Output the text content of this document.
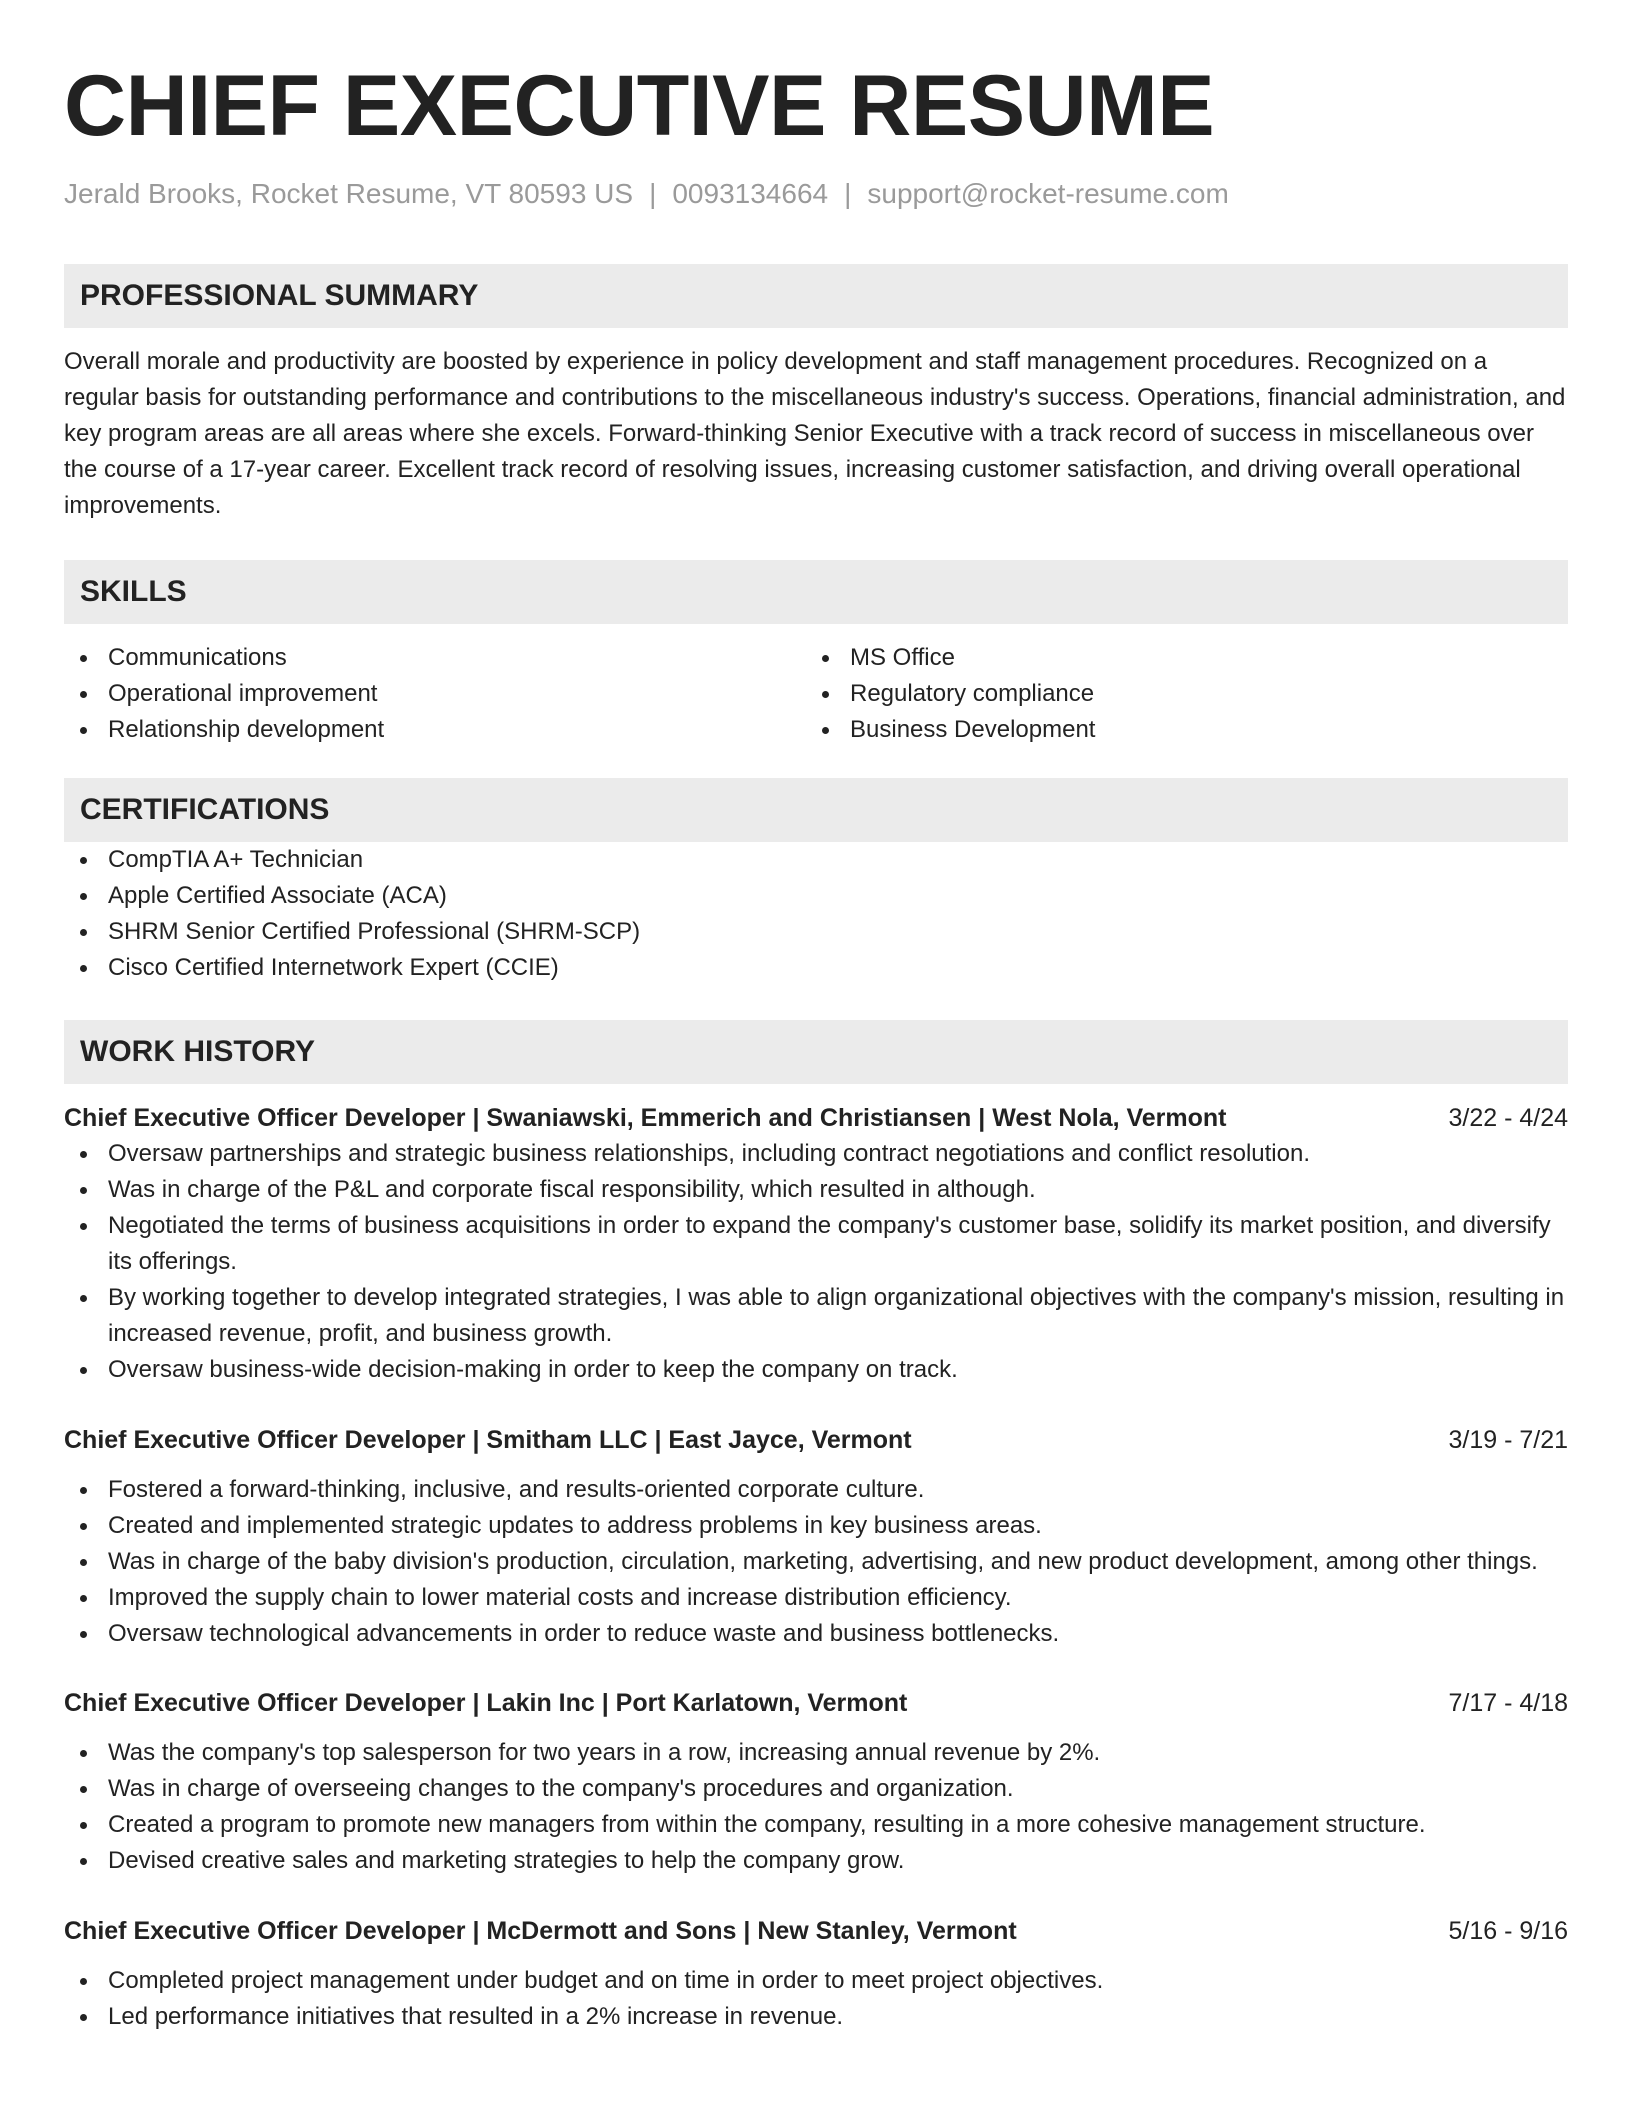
CHIEF EXECUTIVE RESUME
Jerald Brooks, Rocket Resume, VT 80593 US | 0093134664 | support@rocket-resume.com
PROFESSIONAL SUMMARY

Overall morale and productivity are boosted by experience in policy development and staff management procedures. Recognized on a regular basis for outstanding performance and contributions to the miscellaneous industry's success. Operations, financial administration, and key program areas are all areas where she excels. Forward-thinking Senior Executive with a track record of success in miscellaneous over the course of a 17-year career. Excellent track record of resolving issues, increasing customer satisfaction, and driving overall operational improvements.

SKILLS
Communications
Operational improvement
Relationship development
MS Office
Regulatory compliance
Business Development
CERTIFICATIONS
CompTIA A+ Technician
Apple Certified Associate (ACA)
SHRM Senior Certified Professional (SHRM-SCP)
Cisco Certified Internetwork Expert (CCIE)
WORK HISTORY
Chief Executive Officer Developer | Swaniawski, Emmerich and Christiansen | West Nola, Vermont	3/22 - 4/24
Oversaw partnerships and strategic business relationships, including contract negotiations and conflict resolution.
Was in charge of the P&L and corporate fiscal responsibility, which resulted in although.
Negotiated the terms of business acquisitions in order to expand the company's customer base, solidify its market position, and diversify its offerings.
By working together to develop integrated strategies, I was able to align organizational objectives with the company's mission, resulting in increased revenue, profit, and business growth.
Oversaw business-wide decision-making in order to keep the company on track.
Chief Executive Officer Developer | Smitham LLC | East Jayce, Vermont	3/19 - 7/21
Fostered a forward-thinking, inclusive, and results-oriented corporate culture.
Created and implemented strategic updates to address problems in key business areas.
Was in charge of the baby division's production, circulation, marketing, advertising, and new product development, among other things.
Improved the supply chain to lower material costs and increase distribution efficiency.
Oversaw technological advancements in order to reduce waste and business bottlenecks.
Chief Executive Officer Developer | Lakin Inc | Port Karlatown, Vermont	7/17 - 4/18
Was the company's top salesperson for two years in a row, increasing annual revenue by 2%.
Was in charge of overseeing changes to the company's procedures and organization.
Created a program to promote new managers from within the company, resulting in a more cohesive management structure.
Devised creative sales and marketing strategies to help the company grow.
Chief Executive Officer Developer | McDermott and Sons | New Stanley, Vermont	5/16 - 9/16
Completed project management under budget and on time in order to meet project objectives.
Led performance initiatives that resulted in a 2% increase in revenue.
